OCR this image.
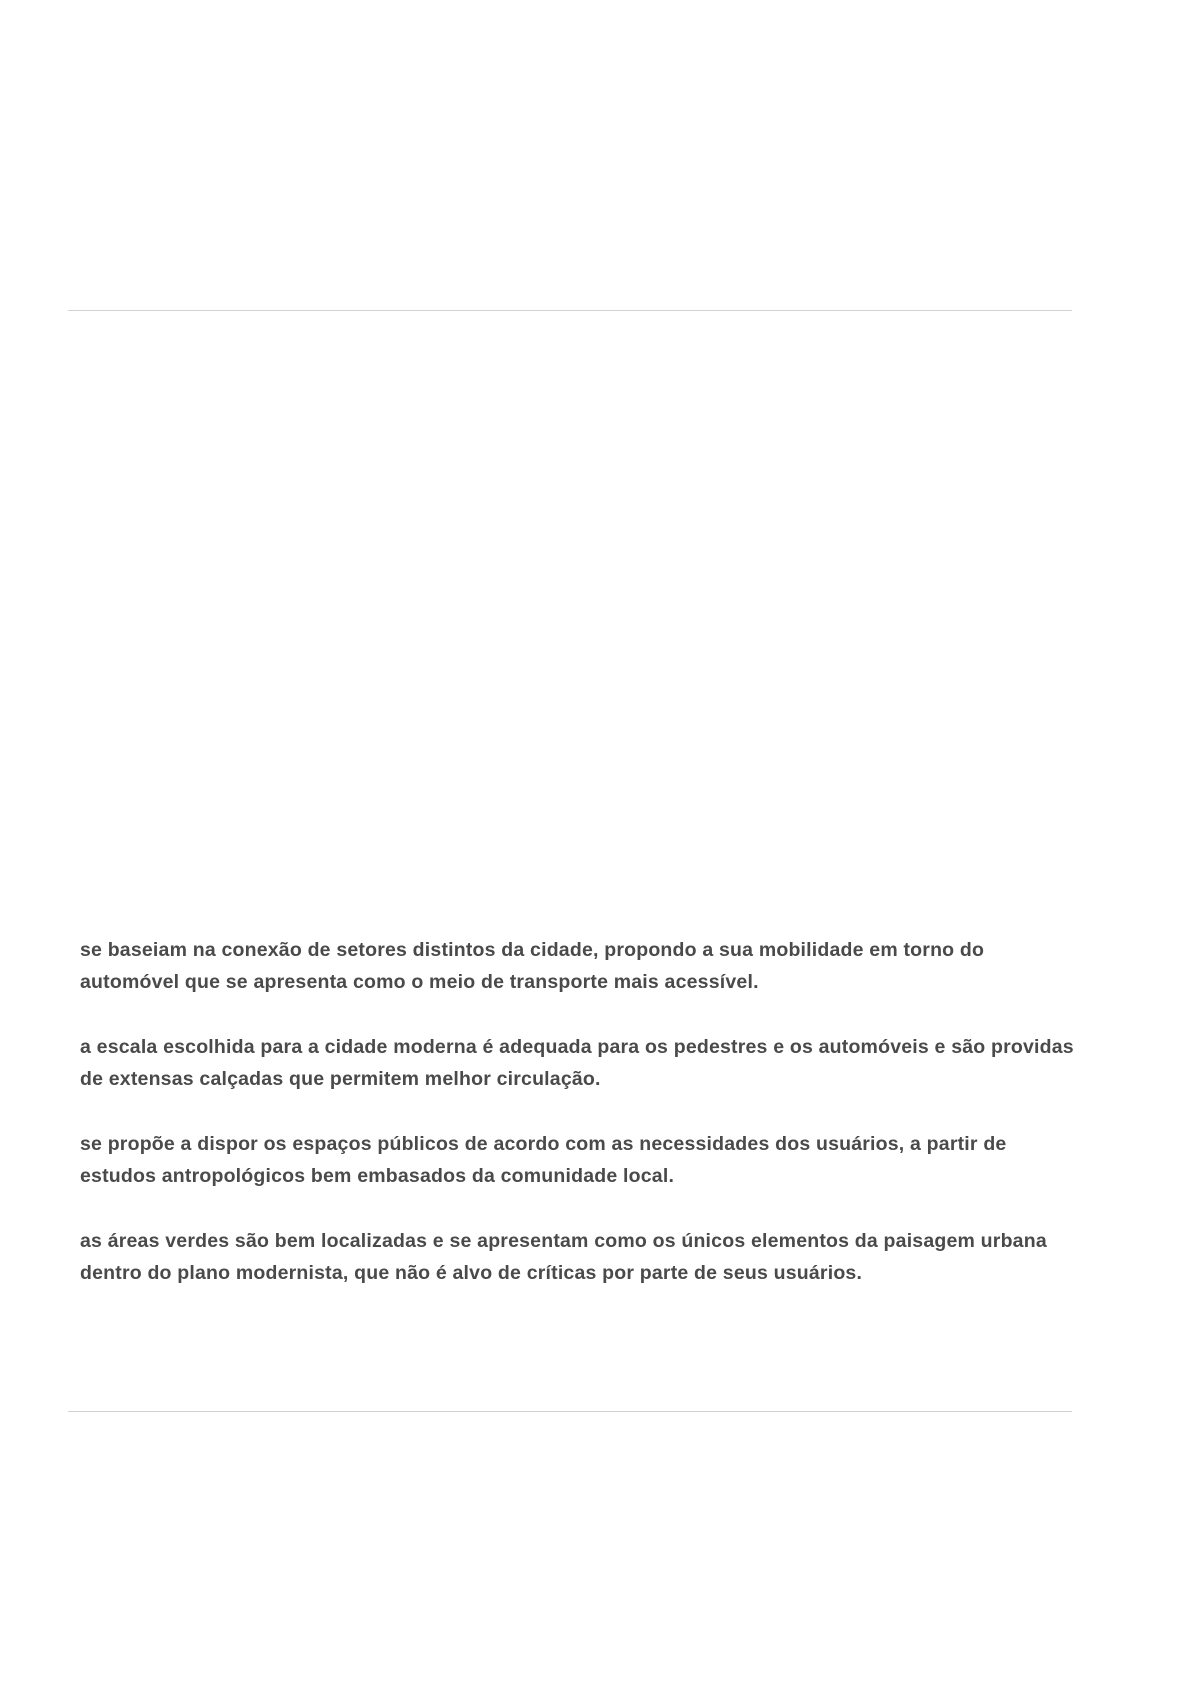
se baseiam na conexão de setores distintos da cidade, propondo a sua mobilidade em torno do automóvel que se apresenta como o meio de transporte mais acessível.

a escala escolhida para a cidade moderna é adequada para os pedestres e os automóveis e são providas de extensas calçadas que permitem melhor circulação.

se propõe a dispor os espaços públicos de acordo com as necessidades dos usuários, a partir de estudos antropológicos bem embasados da comunidade local.

as áreas verdes são bem localizadas e se apresentam como os únicos elementos da paisagem urbana dentro do plano modernista, que não é alvo de críticas por parte de seus usuários.
